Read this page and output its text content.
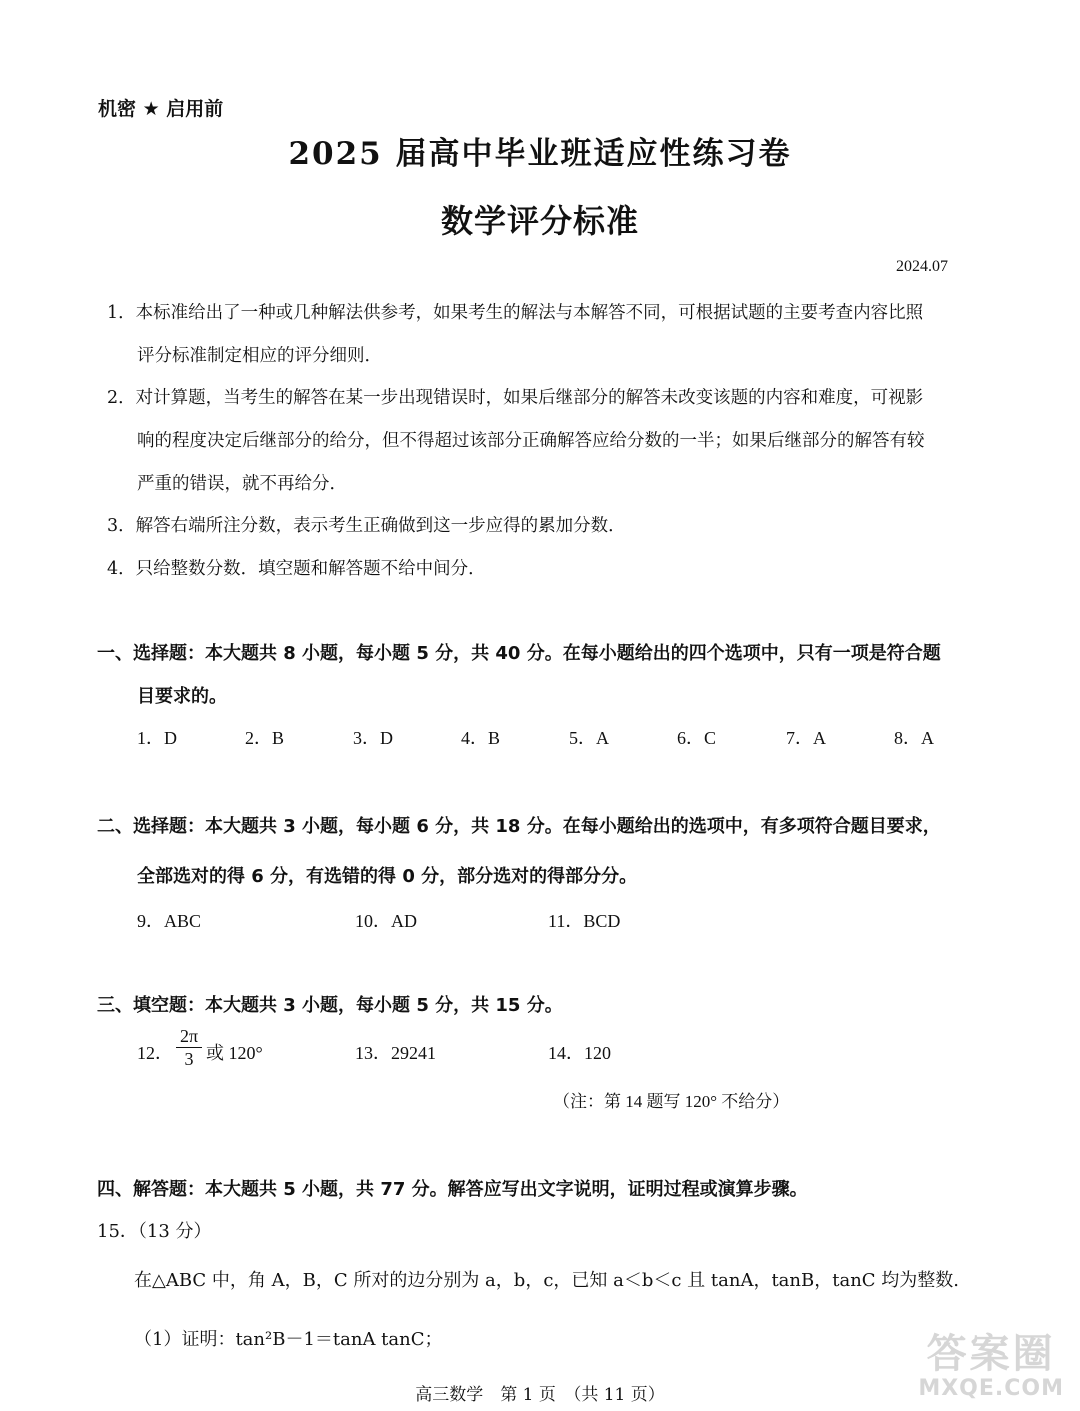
机密 ★ 启用前
2025 届高中毕业班适应性练习卷
数学评分标准
2024.07
1．本标准给出了一种或几种解法供参考，如果考生的解法与本解答不同，可根据试题的主要考查内容比照
评分标准制定相应的评分细则．
2．对计算题，当考生的解答在某一步出现错误时，如果后继部分的解答未改变该题的内容和难度，可视影
响的程度决定后继部分的给分，但不得超过该部分正确解答应给分数的一半；如果后继部分的解答有较
严重的错误，就不再给分．
3．解答右端所注分数，表示考生正确做到这一步应得的累加分数．
4．只给整数分数．填空题和解答题不给中间分．
一、选择题：本大题共 8 小题，每小题 5 分，共 40 分。在每小题给出的四个选项中，只有一项是符合题
目要求的。
1．D	2．B	3．D	4．B	5．A	6．C	7．A	8．A
二、选择题：本大题共 3 小题，每小题 6 分，共 18 分。在每小题给出的选项中，有多项符合题目要求，
全部选对的得 6 分，有选错的得 0 分，部分选对的得部分分。
9．ABC	10．AD	11．BCD
三、填空题：本大题共 3 小题，每小题 5 分，共 15 分。
12． $\frac{2\pi}{3}$ 或 120°	13．29241	14．120
（注：第 14 题写 120° 不给分）
四、解答题：本大题共 5 小题，共 77 分。解答应写出文字说明，证明过程或演算步骤。
15．（13 分）
在△ABC 中，角 A，B，C 所对的边分别为 a，b，c，已知 a＜b＜c 且 tanA，tanB，tanC 均为整数.
（1）证明：tan²B－1＝tanA tanC；
高三数学　第 1 页　（共 11 页）
答案圈
MXQE.COM
